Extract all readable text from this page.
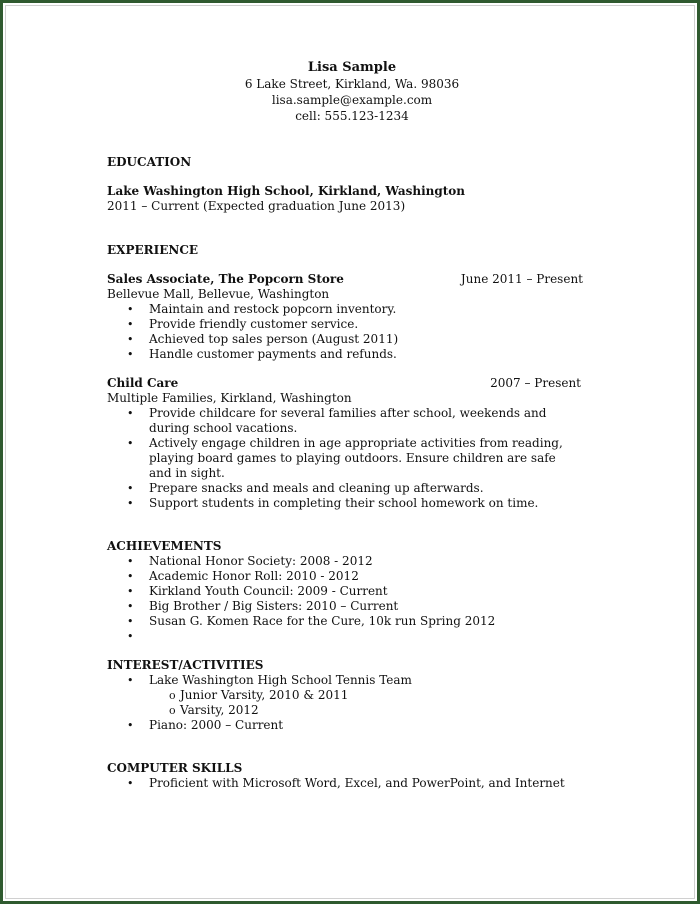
Lisa Sample
6 Lake Street, Kirkland, Wa. 98036
lisa.sample@example.com
cell: 555.123-1234
EDUCATION
Lake Washington High School, Kirkland, Washington
2011 – Current (Expected graduation June 2013)
EXPERIENCE
Sales Associate, The Popcorn Store	June 2011 – Present
Bellevue Mall, Bellevue, Washington
• Maintain and restock popcorn inventory.
• Provide friendly customer service.
• Achieved top sales person (August 2011)
• Handle customer payments and refunds.
Child Care	2007 – Present
Multiple Families, Kirkland, Washington
• Provide childcare for several families after school, weekends and during school vacations.
• Actively engage children in age appropriate activities from reading, playing board games to playing outdoors. Ensure children are safe and in sight.
• Prepare snacks and meals and cleaning up afterwards.
• Support students in completing their school homework on time.
ACHIEVEMENTS
• National Honor Society: 2008 - 2012
• Academic Honor Roll: 2010 - 2012
• Kirkland Youth Council: 2009 - Current
• Big Brother / Big Sisters: 2010 – Current
• Susan G. Komen Race for the Cure, 10k run Spring 2012
•
INTEREST/ACTIVITIES
• Lake Washington High School Tennis Team
o Junior Varsity, 2010 & 2011
o Varsity, 2012
• Piano: 2000 – Current
COMPUTER SKILLS
• Proficient with Microsoft Word, Excel, and PowerPoint, and Internet
